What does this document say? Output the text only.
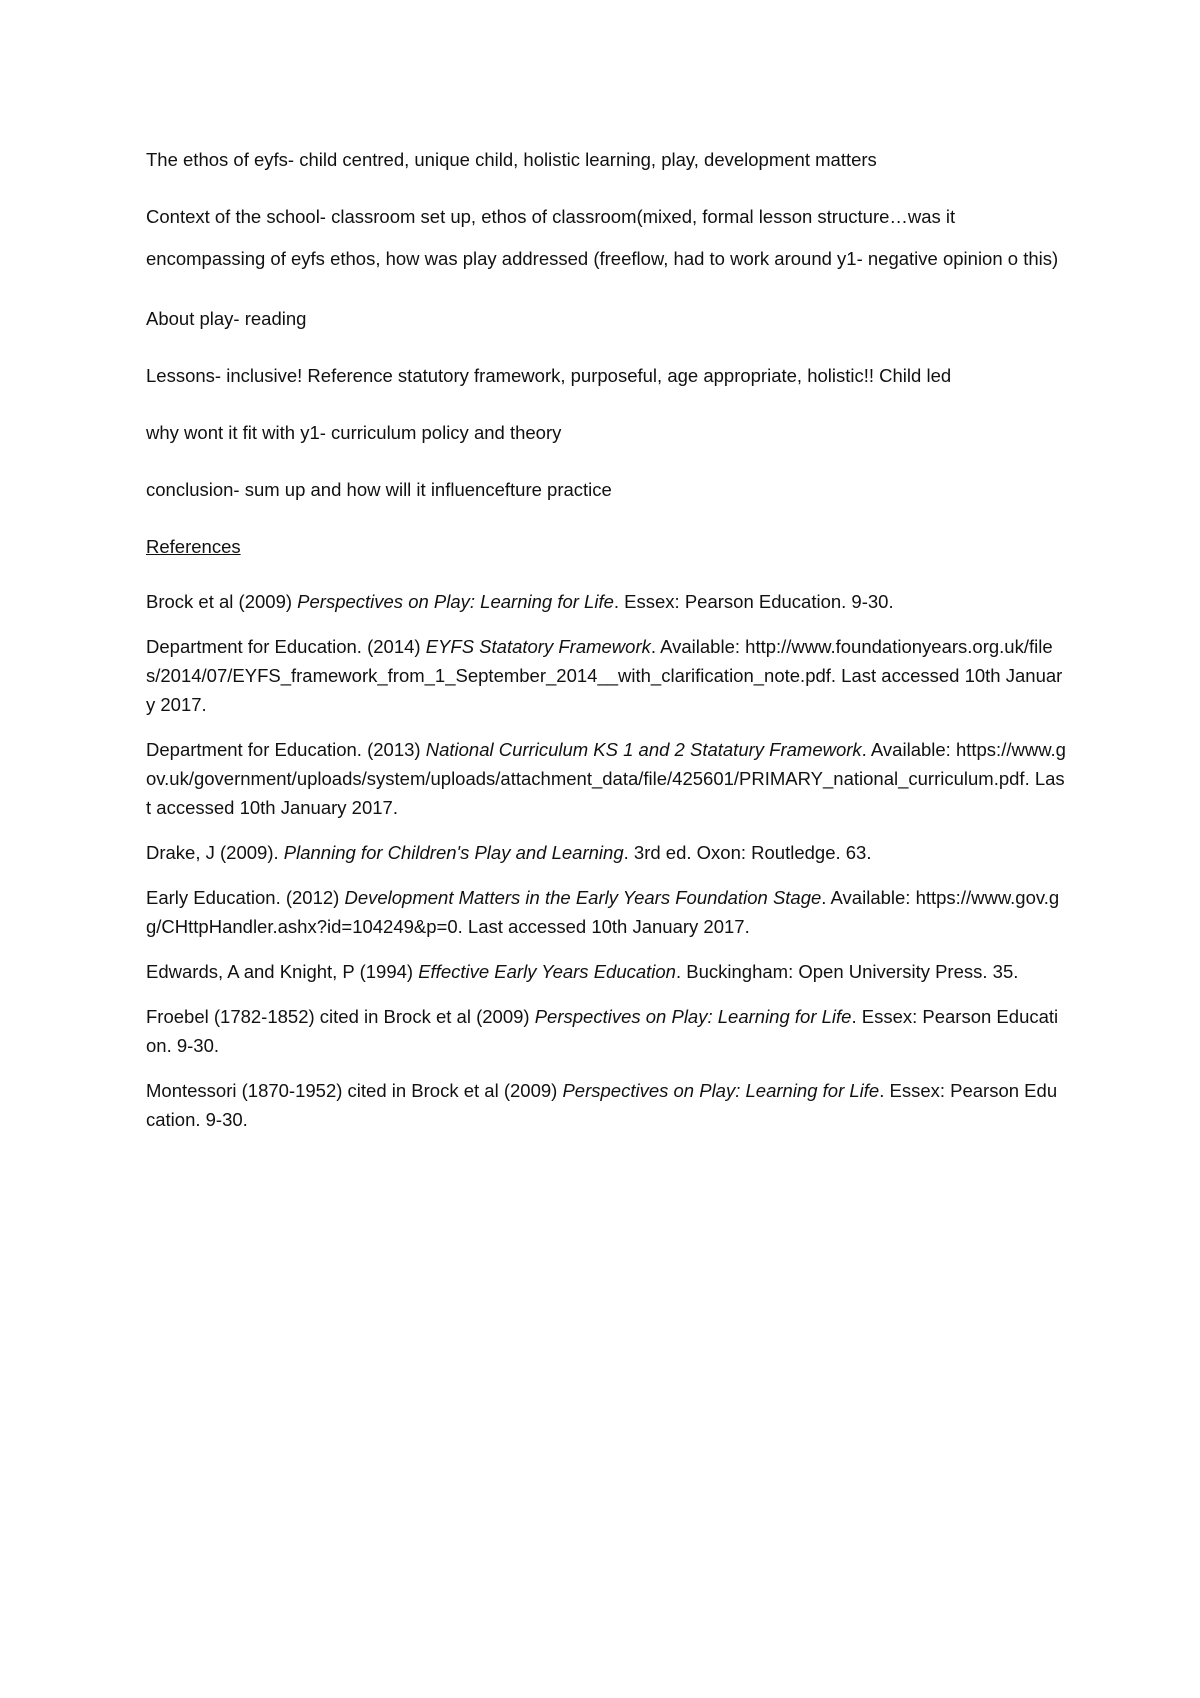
The ethos of eyfs- child centred, unique child, holistic learning, play, development matters

Context of the school- classroom set up, ethos of classroom(mixed, formal lesson structure…was it encompassing of eyfs ethos, how was play addressed (freeflow, had to work around y1- negative opinion o this)

About play- reading

Lessons- inclusive! Reference statutory framework, purposeful, age appropriate, holistic!! Child led

why wont it fit with y1- curriculum policy and theory

conclusion- sum up and how will it influencefture practice

References

Brock et al (2009) Perspectives on Play: Learning for Life. Essex: Pearson Education. 9-30.

Department for Education. (2014) EYFS Statatory Framework. Available: http://www.foundationyears.org.uk/files/2014/07/EYFS_framework_from_1_September_2014__with_clarification_note.pdf. Last accessed 10th January 2017.

Department for Education. (2013) National Curriculum KS 1 and 2 Statatury Framework. Available: https://www.gov.uk/government/uploads/system/uploads/attachment_data/file/425601/PRIMARY_national_curriculum.pdf. Last accessed 10th January 2017.

Drake, J (2009). Planning for Children's Play and Learning. 3rd ed. Oxon: Routledge. 63.

Early Education. (2012) Development Matters in the Early Years Foundation Stage. Available: https://www.gov.gg/CHttpHandler.ashx?id=104249&p=0. Last accessed 10th January 2017.

Edwards, A and Knight, P (1994) Effective Early Years Education. Buckingham: Open University Press. 35.

Froebel (1782-1852) cited in Brock et al (2009) Perspectives on Play: Learning for Life. Essex: Pearson Education. 9-30.

Montessori (1870-1952) cited in Brock et al (2009) Perspectives on Play: Learning for Life. Essex: Pearson Education. 9-30.
